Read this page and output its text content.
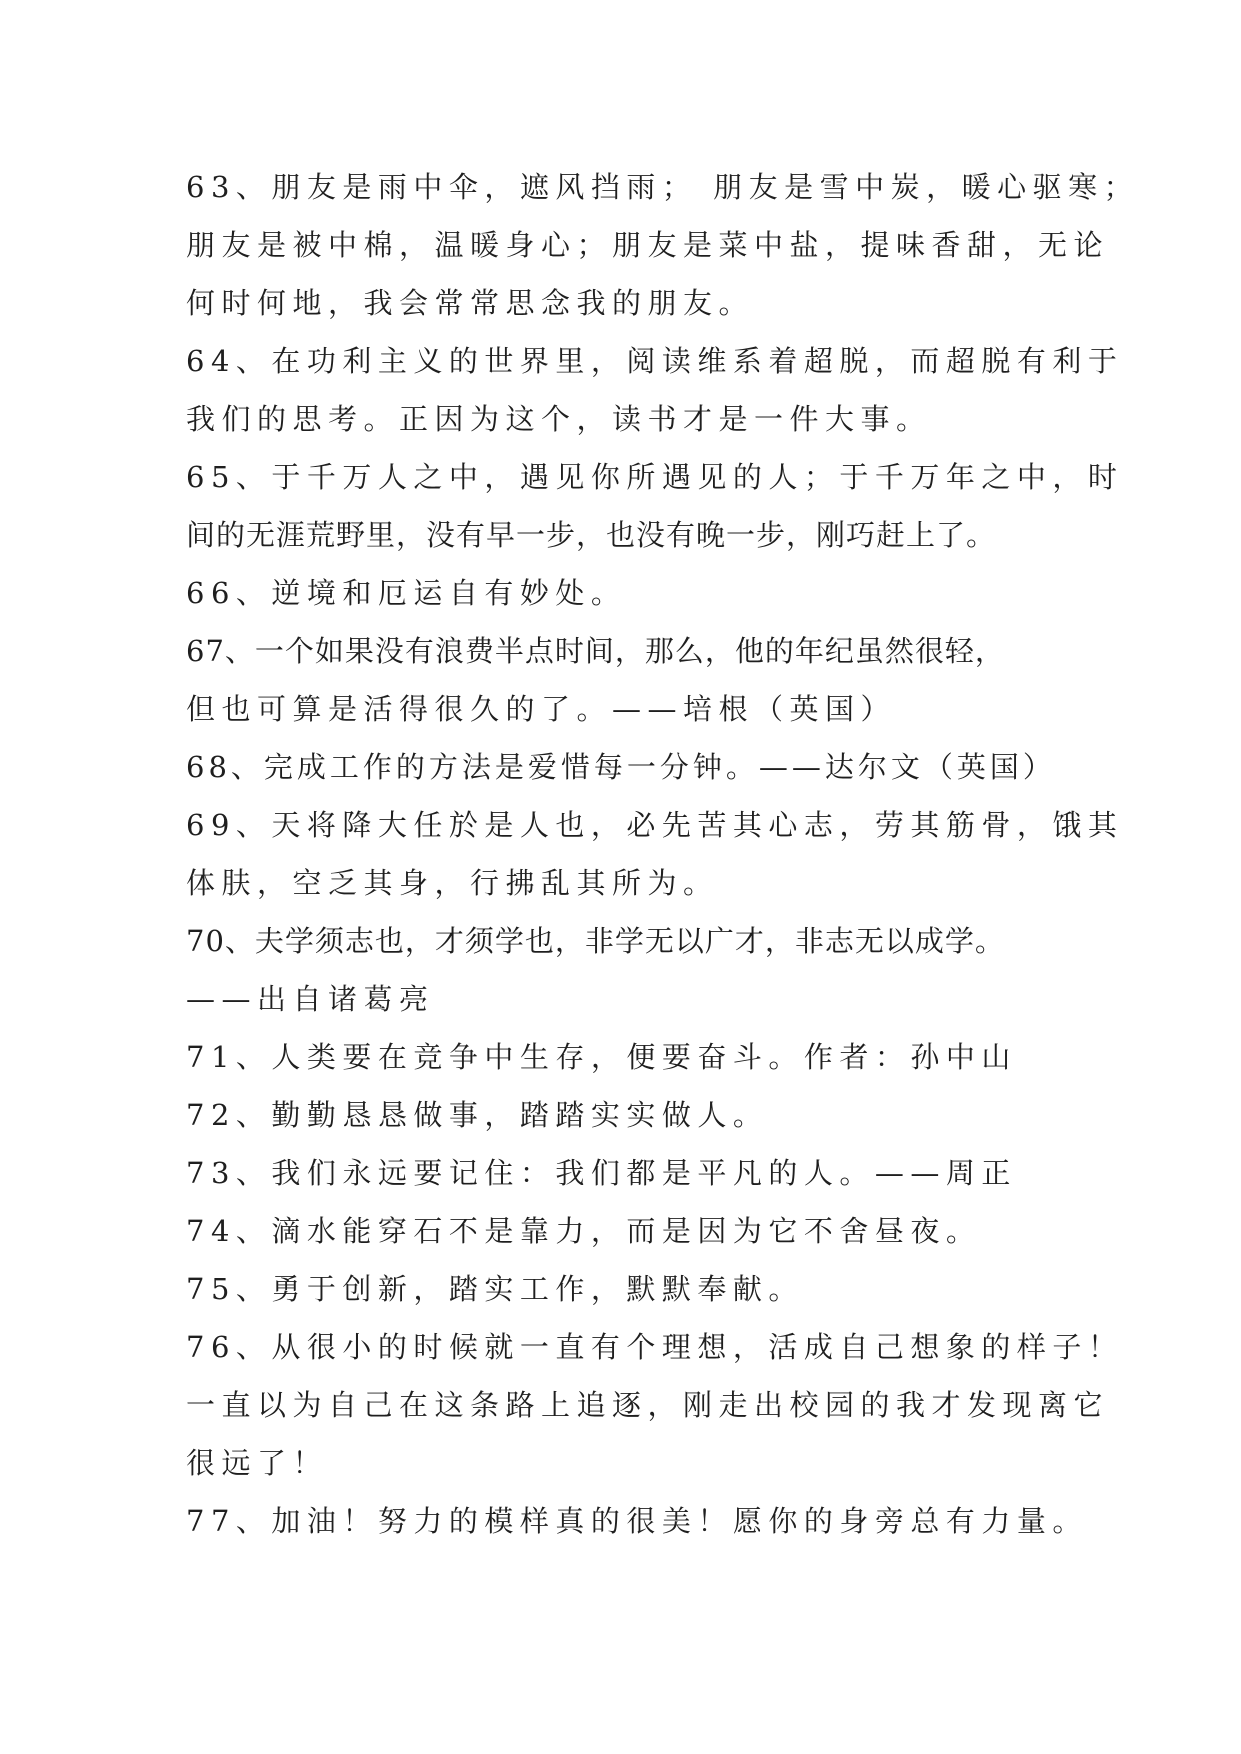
63、朋友是雨中伞，遮风挡雨； 朋友是雪中炭，暖心驱寒；
朋友是被中棉，温暖身心；朋友是菜中盐，提味香甜，无论
何时何地，我会常常思念我的朋友。
64、在功利主义的世界里，阅读维系着超脱，而超脱有利于
我们的思考。正因为这个，读书才是一件大事。
65、于千万人之中，遇见你所遇见的人；于千万年之中，时
间的无涯荒野里，没有早一步，也没有晚一步，刚巧赶上了。
66、逆境和厄运自有妙处。
67、一个如果没有浪费半点时间，那么，他的年纪虽然很轻，
但也可算是活得很久的了。——培根（英国）
68、完成工作的方法是爱惜每一分钟。——达尔文（英国）
69、天将降大任於是人也，必先苦其心志，劳其筋骨，饿其
体肤，空乏其身，行拂乱其所为。
70、夫学须志也，才须学也，非学无以广才，非志无以成学。
——出自诸葛亮
71、人类要在竞争中生存，便要奋斗。作者：孙中山
72、勤勤恳恳做事，踏踏实实做人。
73、我们永远要记住：我们都是平凡的人。——周正
74、滴水能穿石不是靠力，而是因为它不舍昼夜。
75、勇于创新，踏实工作，默默奉献。
76、从很小的时候就一直有个理想，活成自己想象的样子！
一直以为自己在这条路上追逐，刚走出校园的我才发现离它
很远了！
77、加油！努力的模样真的很美！愿你的身旁总有力量。
